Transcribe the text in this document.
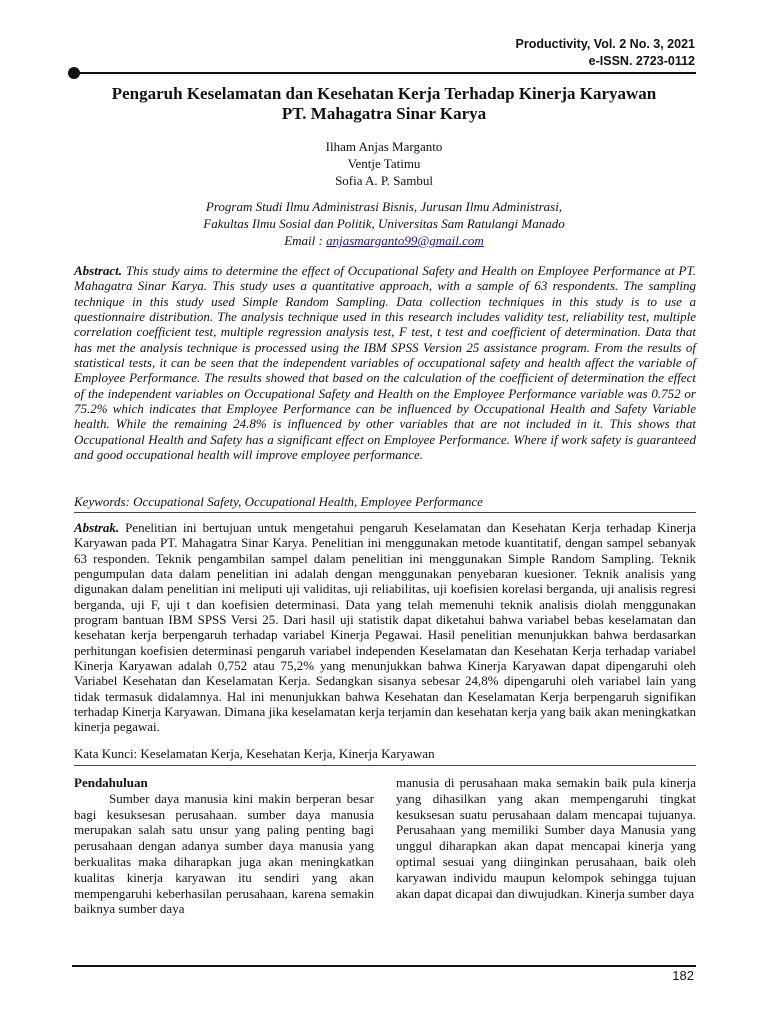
Productivity, Vol. 2 No. 3, 2021
e-ISSN. 2723-0112
Pengaruh Keselamatan dan Kesehatan Kerja Terhadap Kinerja Karyawan
PT. Mahagatra Sinar Karya
Ilham Anjas Marganto
Ventje Tatimu
Sofia A. P. Sambul
Program Studi Ilmu Administrasi Bisnis, Jurusan Ilmu Administrasi,
Fakultas Ilmu Sosial dan Politik, Universitas Sam Ratulangi Manado
Email : anjasmarganto99@gmail.com
Abstract. This study aims to determine the effect of Occupational Safety and Health on Employee Performance at PT. Mahagatra Sinar Karya. This study uses a quantitative approach, with a sample of 63 respondents. The sampling technique in this study used Simple Random Sampling. Data collection techniques in this study is to use a questionnaire distribution. The analysis technique used in this research includes validity test, reliability test, multiple correlation coefficient test, multiple regression analysis test, F test, t test and coefficient of determination. Data that has met the analysis technique is processed using the IBM SPSS Version 25 assistance program. From the results of statistical tests, it can be seen that the independent variables of occupational safety and health affect the variable of Employee Performance. The results showed that based on the calculation of the coefficient of determination the effect of the independent variables on Occupational Safety and Health on the Employee Performance variable was 0.752 or 75.2% which indicates that Employee Performance can be influenced by Occupational Health and Safety Variable health. While the remaining 24.8% is influenced by other variables that are not included in it. This shows that Occupational Health and Safety has a significant effect on Employee Performance. Where if work safety is guaranteed and good occupational health will improve employee performance.
Keywords: Occupational Safety, Occupational Health, Employee Performance
Abstrak. Penelitian ini bertujuan untuk mengetahui pengaruh Keselamatan dan Kesehatan Kerja terhadap Kinerja Karyawan pada PT. Mahagatra Sinar Karya. Penelitian ini menggunakan metode kuantitatif, dengan sampel sebanyak 63 responden. Teknik pengambilan sampel dalam penelitian ini menggunakan Simple Random Sampling. Teknik pengumpulan data dalam penelitian ini adalah dengan menggunakan penyebaran kuesioner. Teknik analisis yang digunakan dalam penelitian ini meliputi uji validitas, uji reliabilitas, uji koefisien korelasi berganda, uji analisis regresi berganda, uji F, uji t dan koefisien determinasi. Data yang telah memenuhi teknik analisis diolah menggunakan program bantuan IBM SPSS Versi 25. Dari hasil uji statistik dapat diketahui bahwa variabel bebas keselamatan dan kesehatan kerja berpengaruh terhadap variabel Kinerja Pegawai. Hasil penelitian menunjukkan bahwa berdasarkan perhitungan koefisien determinasi pengaruh variabel independen Keselamatan dan Kesehatan Kerja terhadap variabel Kinerja Karyawan adalah 0,752 atau 75,2% yang menunjukkan bahwa Kinerja Karyawan dapat dipengaruhi oleh Variabel Kesehatan dan Keselamatan Kerja. Sedangkan sisanya sebesar 24,8% dipengaruhi oleh variabel lain yang tidak termasuk didalamnya. Hal ini menunjukkan bahwa Kesehatan dan Keselamatan Kerja berpengaruh signifikan terhadap Kinerja Karyawan. Dimana jika keselamatan kerja terjamin dan kesehatan kerja yang baik akan meningkatkan kinerja pegawai.
Kata Kunci: Keselamatan Kerja, Kesehatan Kerja, Kinerja Karyawan
Pendahuluan
Sumber daya manusia kini makin berperan besar bagi kesuksesan perusahaan. sumber daya manusia merupakan salah satu unsur yang paling penting bagi perusahaan dengan adanya sumber daya manusia yang berkualitas maka diharapkan juga akan meningkatkan kualitas kinerja karyawan itu sendiri yang akan mempengaruhi keberhasilan perusahaan, karena semakin baiknya sumber daya
manusia di perusahaan maka semakin baik pula kinerja yang dihasilkan yang akan mempengaruhi tingkat kesuksesan suatu perusahaan dalam mencapai tujuanya. Perusahaan yang memiliki Sumber daya Manusia yang unggul diharapkan akan dapat mencapai kinerja yang optimal sesuai yang diinginkan perusahaan, baik oleh karyawan individu maupun kelompok sehingga tujuan akan dapat dicapai dan diwujudkan. Kinerja sumber daya
182
